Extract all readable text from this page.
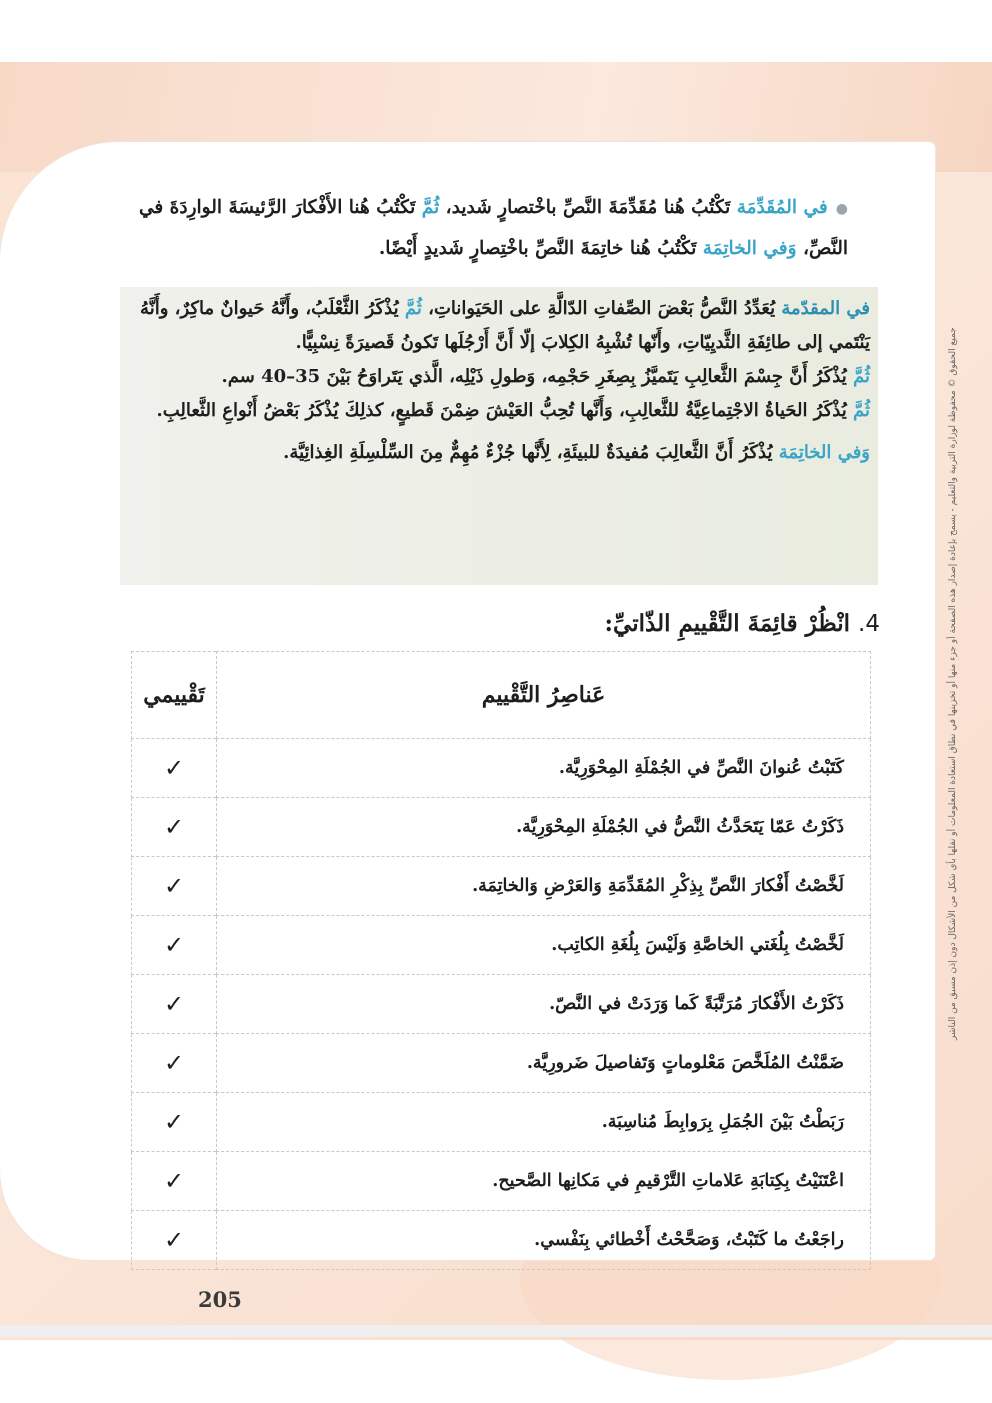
جميع الحقوق © محفوظة لوزارة التربية والتعليم - يسمح بإعادة إصدار هذه الصفحة أو جزء منها أو تخزينها في نطاق استعادة المعلومات أو نقلها بأي شكل من الأشكال دون إذن مسبق من الناشر
●في المُقَدِّمَة تَكْتُبُ هُنا مُقَدِّمَةَ النَّصِّ باخْتصارٍ شَديد، ثُمَّ تَكْتُبُ هُنا الأَفْكارَ الرَّئيسَةَ الوارِدَةَ في النَّصِّ، وَفي الخاتِمَة تَكْتُبُ هُنا خاتِمَةَ النَّصِّ باخْتِصارٍ شَديدٍ أَيْضًا.

في المقدّمة يُعَدِّدُ النَّصُّ بَعْضَ الصِّفاتِ الدّالَّةِ على الحَيَواناتِ، ثُمَّ يُذْكَرُ الثَّعْلَبُ، وأَنَّهُ حَيوانٌ ماكِرٌ، وأَنَّهُ يَنْتَمي إلى طائِفَةِ الثَّديِيّاتِ، وأَنّها تُشْبِهُ الكِلابَ إلّا أَنَّ أَرْجُلَها تَكونُ قَصيرَةً نِسْبِيًّا.

ثُمَّ يُذْكَرُ أَنَّ جِسْمَ الثَّعالِبِ يَتَميَّزُ بِصِغَرِ حَجْمِه، وَطولِ ذَيْلِه، الَّذي يَتَراوَحُ بَيْنَ 35–40 سم.

ثُمَّ يُذْكَرُ الحَياةُ الاجْتِماعِيَّةُ للثَّعالِبِ، وَأَنَّها تُحِبُّ العَيْشَ ضِمْنَ قَطيعٍ، كذلِكَ يُذْكَرُ بَعْضُ أَنْواعِ الثَّعالِبِ.

وَفي الخاتِمَة يُذْكَرُ أَنَّ الثَّعالِبَ مُفيدَةٌ للبيئَةِ، لِأَنَّها جُزْءٌ مُهِمٌّ مِنَ السِّلْسِلَةِ الغِذائِيَّة.

4. انْظُرْ قائِمَةَ التَّقْييمِ الذّاتيِّ:
عَناصِرُ التَّقْييم	تَقْييمي
كَتَبْتُ عُنوانَ النَّصِّ في الجُمْلَةِ المِحْوَرِيَّة.	✓
ذَكَرْتُ عَمّا يَتَحَدَّثُ النَّصُّ في الجُمْلَةِ المِحْوَرِيَّة.	✓
لَخَّصْتُ أَفْكارَ النَّصِّ بِذِكْرِ المُقَدِّمَةِ وَالعَرْضِ وَالخاتِمَة.	✓
لَخَّصْتُ بِلُغَتي الخاصَّةِ وَلَيْسَ بِلُغَةِ الكاتِب.	✓
ذَكَرْتُ الأَفْكارَ مُرَتَّبَةً كَما وَرَدَتْ في النَّصّ.	✓
ضَمَّنْتُ المُلَخَّصَ مَعْلوماتٍ وَتَفاصيلَ ضَرورِيَّة.	✓
رَبَطْتُ بَيْنَ الجُمَلِ بِرَوابِطَ مُناسِبَة.	✓
اعْتَنَيْتُ بِكِتابَةِ عَلاماتِ التَّرْقيمِ في مَكانِها الصَّحيح.	✓
راجَعْتُ ما كَتَبْتُ، وَصَحَّحْتُ أَخْطائي بِنَفْسي.	✓
205
